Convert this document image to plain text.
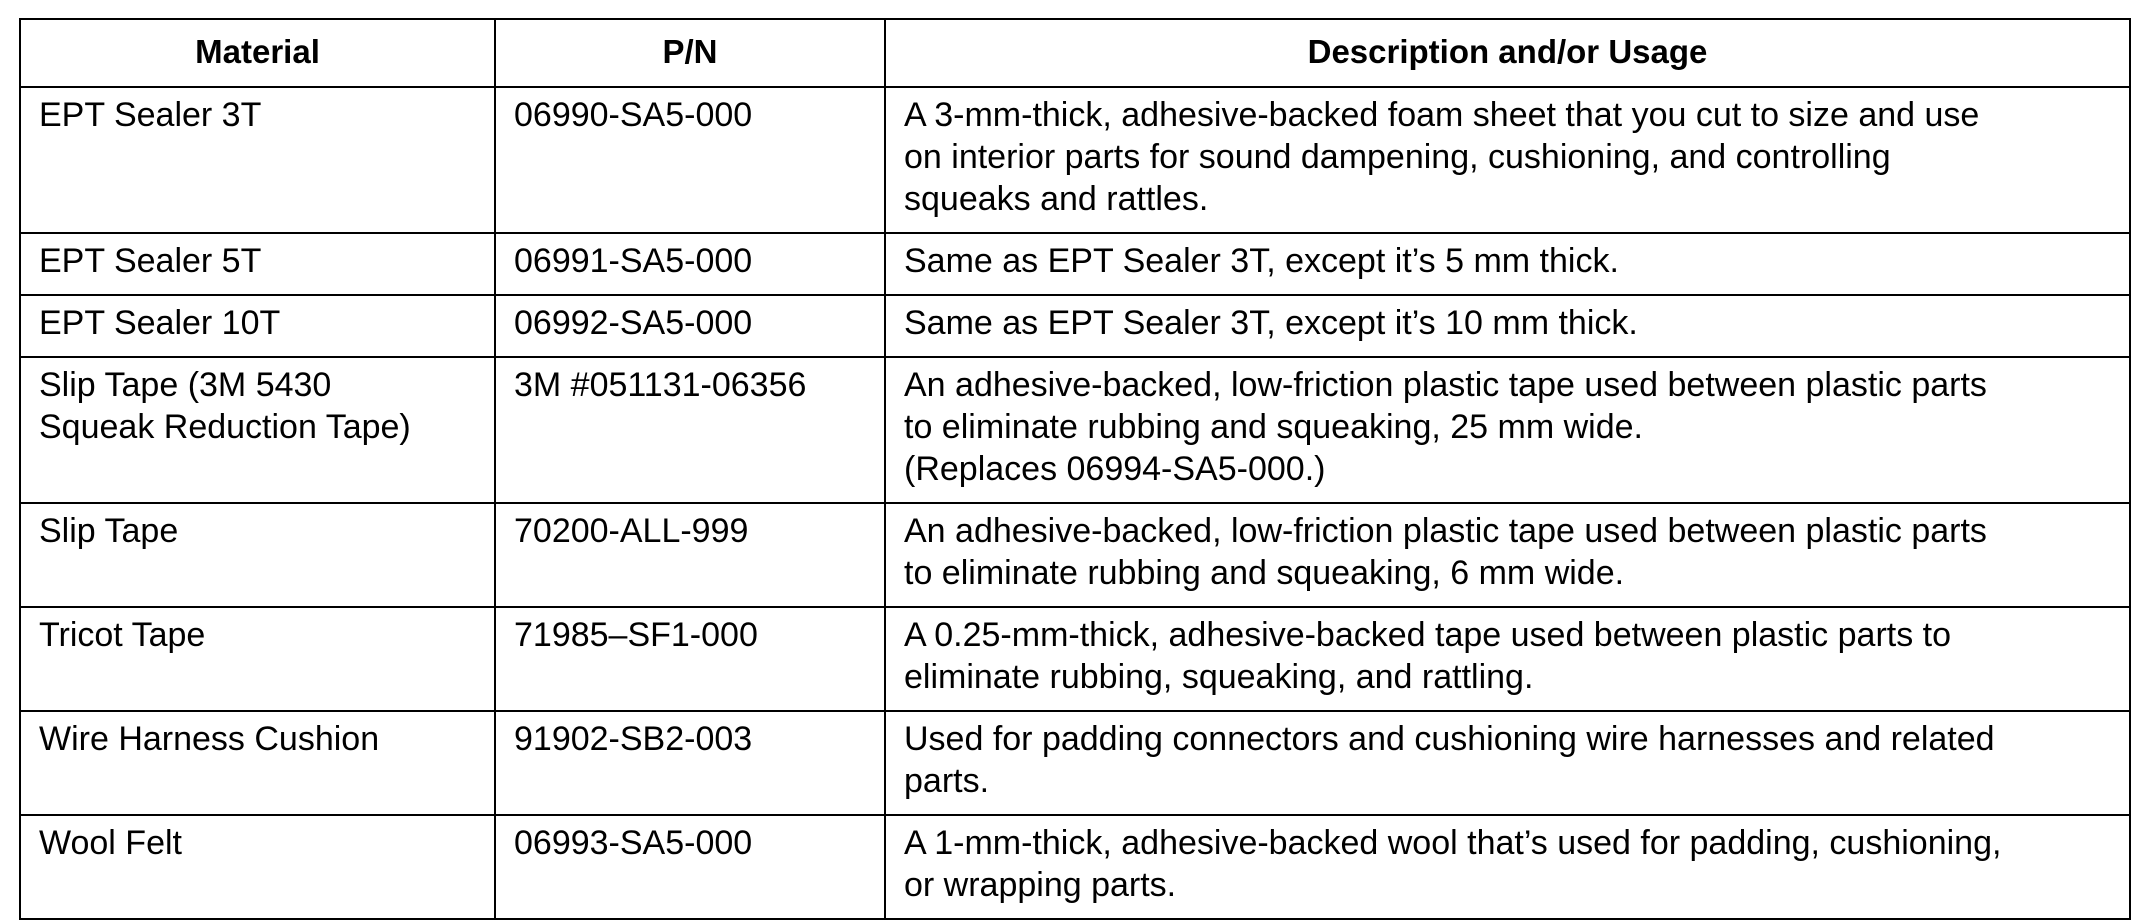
Material	P/N	Description and/or Usage

EPT Sealer 3T	06990-SA5-000	A 3-mm-thick, adhesive-backed foam sheet that you cut to size and use
on interior parts for sound dampening, cushioning, and controlling
squeaks and rattles.

EPT Sealer 5T	06991-SA5-000	Same as EPT Sealer 3T, except it’s 5 mm thick.

EPT Sealer 10T	06992-SA5-000	Same as EPT Sealer 3T, except it’s 10 mm thick.

Slip Tape (3M 5430
Squeak Reduction Tape)	3M #051131-06356	An adhesive-backed, low-friction plastic tape used between plastic parts
to eliminate rubbing and squeaking, 25 mm wide.
(Replaces 06994-SA5-000.)

Slip Tape	70200-ALL-999	An adhesive-backed, low-friction plastic tape used between plastic parts
to eliminate rubbing and squeaking, 6 mm wide.

Tricot Tape	71985–SF1-000	A 0.25-mm-thick, adhesive-backed tape used between plastic parts to
eliminate rubbing, squeaking, and rattling.

Wire Harness Cushion	91902-SB2-003	Used for padding connectors and cushioning wire harnesses and related
parts.

Wool Felt	06993-SA5-000	A 1-mm-thick, adhesive-backed wool that’s used for padding, cushioning,
or wrapping parts.
